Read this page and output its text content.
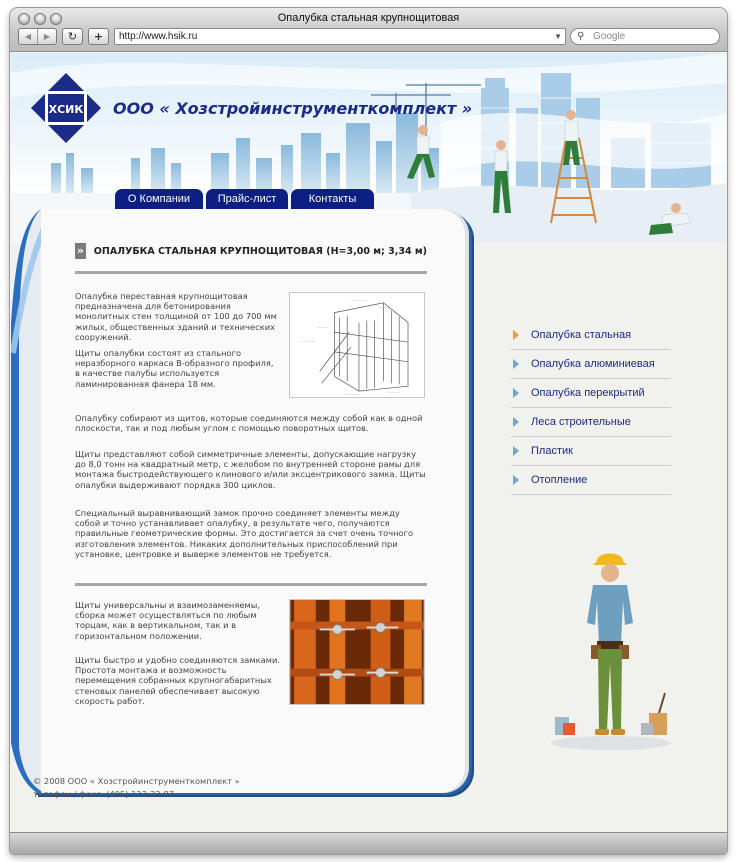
Опалубка стальная крупнощитовая
◀	▶	↻	+	http://www.hsik.ru	▼ ⚲ Google
ХСИК ООО « Хозстройинструменткомплект »
О Компании	Прайс-лист	Контакты
» ОПАЛУБКА СТАЛЬНАЯ КРУПНОЩИТОВАЯ (Н=3,00 м; 3,34 м)
Опалубка переставная крупнощитовая предназначена для бетонирования монолитных стен толщиной от 100 до 700 мм жилых, общественных зданий и технических сооружений.
Щиты опалубки состоят из стального неразборного каркаса В-образного профиля, в качестве палубы используется ламинированная фанера 18 мм.
— — — —
— — —
— — — —
— — —
— — — —	— — —
Опалубку собирают из щитов, которые соединяются между собой как в одной плоскости, так и под любым углом с помощью поворотных щитов.
Щиты представляют собой симметричные элементы, допускающие нагрузку до 8,0 тонн на квадратный метр, с желобом по внутренней стороне рамы для монтажа быстродействующего клинового и/или эксцентрикового замка. Щиты опалубки выдерживают порядка 300 циклов.
Специальный выравнивающий замок прочно соединяет элементы между собой и точно устанавливает опалубку, в результате чего, получаются правильные геометрические формы. Это достигается за счет очень точного изготовления элементов. Никаких дополнительных приспособлений при установке, центровке и выверке элементов не требуется.
Щиты универсальны и взаимозаменяемы, сборка может осуществляться по любым торцам, как в вертикальном, так и в горизонтальном положении.
Щиты быстро и удобно соединяются замками. Простота монтажа и возможность перемещения собранных крупногабаритных стеновых панелей обеспечивает высокую скорость работ.
Опалубка стальная
Опалубка алюминиевая
Опалубка перекрытий
Леса строительные
Пластик
Отопление
© 2008 ООО « Хозстройинструменткомплект »
телефон / факс: (495) 123-33-87
